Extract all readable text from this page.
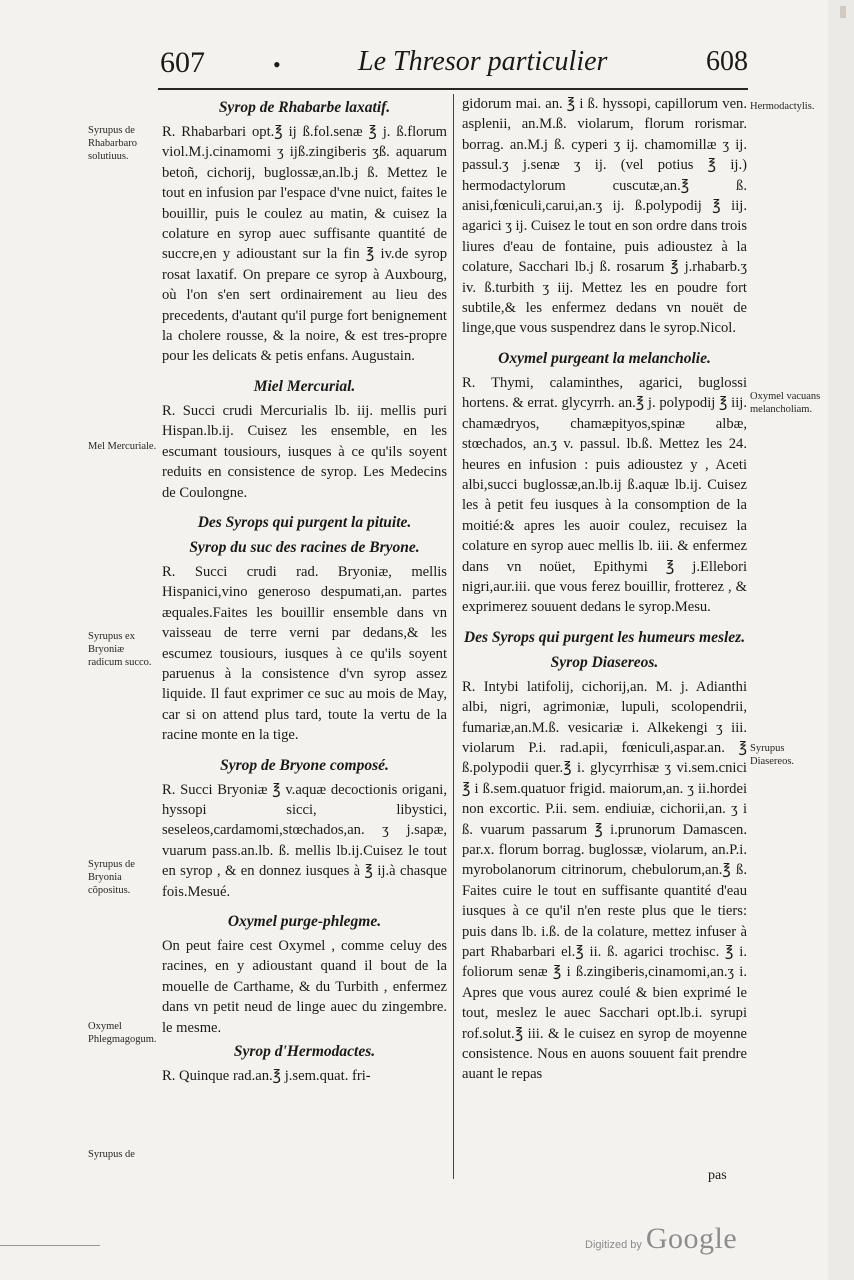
607	•	Le Thresor particulier	608
Syrop de Rhabarbe laxatif.
R. Rhabarbari opt.℥ ij ß.fol.senæ ℥ j. ß.florum viol.M.j.cinamomi ʒ ijß.zingiberis ʒß. aquarum betoñ, cichorij, buglossæ,an.lb.j ß. Mettez le tout en infusion par l'espace d'vne nuict, faites le bouillir, puis le coulez au matin, & cuisez la colature en syrop auec suffisante quantité de succre,en y adioustant sur la fin ℥ iv.de syrop rosat laxatif. On prepare ce syrop à Auxbourg, où l'on s'en sert ordinairement au lieu des precedents, d'autant qu'il purge fort benignement la cholere rousse, & la noire, & est tres-propre pour les delicats & petis enfans. Augustain.
Miel Mercurial.
R. Succi crudi Mercurialis lb. iij. mellis puri Hispan.lb.ij. Cuisez les ensemble, en les escumant tousiours, iusques à ce qu'ils soyent reduits en consistence de syrop. Les Medecins de Coulongne.
Des Syrops qui purgent la pituite.
Syrop du suc des racines de Bryone.
R. Succi crudi rad. Bryoniæ, mellis Hispanici,vino generoso despumati,an. partes æquales.Faites les bouillir ensemble dans vn vaisseau de terre verni par dedans,& les escumez tousiours, iusques à ce qu'ils soyent paruenus à la consistence d'vn syrop assez liquide. Il faut exprimer ce suc au mois de May, car si on attend plus tard, toute la vertu de la racine monte en la tige.
Syrop de Bryone composé.
R. Succi Bryoniæ ℥ v.aquæ decoctionis origani, hyssopi sicci, libystici, seseleos,cardamomi,stœchados,an. ʒ j.sapæ, vuarum pass.an.lb. ß. mellis lb.ij.Cuisez le tout en syrop , & en donnez iusques à ℥ ij.à chasque fois.Mesué.
Oxymel purge-phlegme.
On peut faire cest Oxymel , comme celuy des racines, en y adioustant quand il bout de la mouelle de Carthame, & du Turbith , enfermez dans vn petit neud de linge auec du zingembre. le mesme.
Syrop d'Hermodactes.
R. Quinque rad.an.℥ j.sem.quat. fri-
gidorum mai. an. ℥ i ß. hyssopi, capillorum ven. asplenii, an.M.ß. violarum, florum rorismar. borrag. an.M.j ß. cyperi ʒ ij. chamomillæ ʒ ij. passul.ʒ j.senæ ʒ ij. (vel potius ℥ ij.) hermodactylorum cuscutæ,an.℥ ß. anisi,fœniculi,carui,an.ʒ ij. ß.polypodij ℥ iij. agarici ʒ ij. Cuisez le tout en son ordre dans trois liures d'eau de fontaine, puis adioustez à la colature, Sacchari lb.j ß. rosarum ℥ j.rhabarb.ʒ iv. ß.turbith ʒ iij. Mettez les en poudre fort subtile,& les enfermez dedans vn nouët de linge,que vous suspendrez dans le syrop.Nicol.
Oxymel purgeant la melancholie.
R. Thymi, calaminthes, agarici, buglossi hortens. & errat. glycyrrh. an.℥ j. polypodij ℥ iij. chamædryos, chamæpityos,spinæ albæ, stœchados, an.ʒ v. passul. lb.ß. Mettez les 24. heures en infusion : puis adioustez y , Aceti albi,succi buglossæ,an.lb.ij ß.aquæ lb.ij. Cuisez les à petit feu iusques à la consomption de la moitié:& apres les auoir coulez, recuisez la colature en syrop auec mellis lb. iii. & enfermez dans vn noüet, Epithymi ℥ j.Ellebori nigri,aur.iii. que vous ferez bouillir, frotterez , & exprimerez souuent dedans le syrop.Mesu.
Des Syrops qui purgent les humeurs meslez.
Syrop Diasereos.
R. Intybi latifolij, cichorij,an. M. j. Adianthi albi, nigri, agrimoniæ, lupuli, scolopendrii, fumariæ,an.M.ß. vesicariæ i. Alkekengi ʒ iii. violarum P.i. rad.apii, fœniculi,aspar.an. ℥ ß.polypodii quer.℥ i. glycyrrhisæ ʒ vi.sem.cnici ℥ i ß.sem.quatuor frigid. maiorum,an. ʒ ii.hordei non excortic. P.ii. sem. endiuiæ, cichorii,an. ʒ i ß. vuarum passarum ℥ i.prunorum Damascen. par.x. florum borrag. buglossæ, violarum, an.P.i. myrobolanorum citrinorum, chebulorum,an.℥ ß. Faites cuire le tout en suffisante quantité d'eau iusques à ce qu'il n'en reste plus que le tiers: puis dans lb. i.ß. de la colature, mettez infuser à part Rhabarbari el.℥ ii. ß. agarici trochisc. ℥ i. foliorum senæ ℥ i ß.zingiberis,cinamomi,an.ʒ i. Apres que vous aurez coulé & bien exprimé le tout, meslez le auec Sacchari opt.lb.i. syrupi rof.solut.℥ iii. & le cuisez en syrop de moyenne consistence. Nous en auons souuent fait prendre auant le repas
Syrupus de Rhabarbaro solutiuus.
Mel Mercuriale.
Syrupus ex Bryoniæ radicum succo.
Syrupus de Bryonia cõpositus.
Oxymel Phlegmagogum.
Syrupus de
Hermodactylis.
Oxymel vacuans melancholiam.
Syrupus Diasereos.
pas
Digitized by Google
